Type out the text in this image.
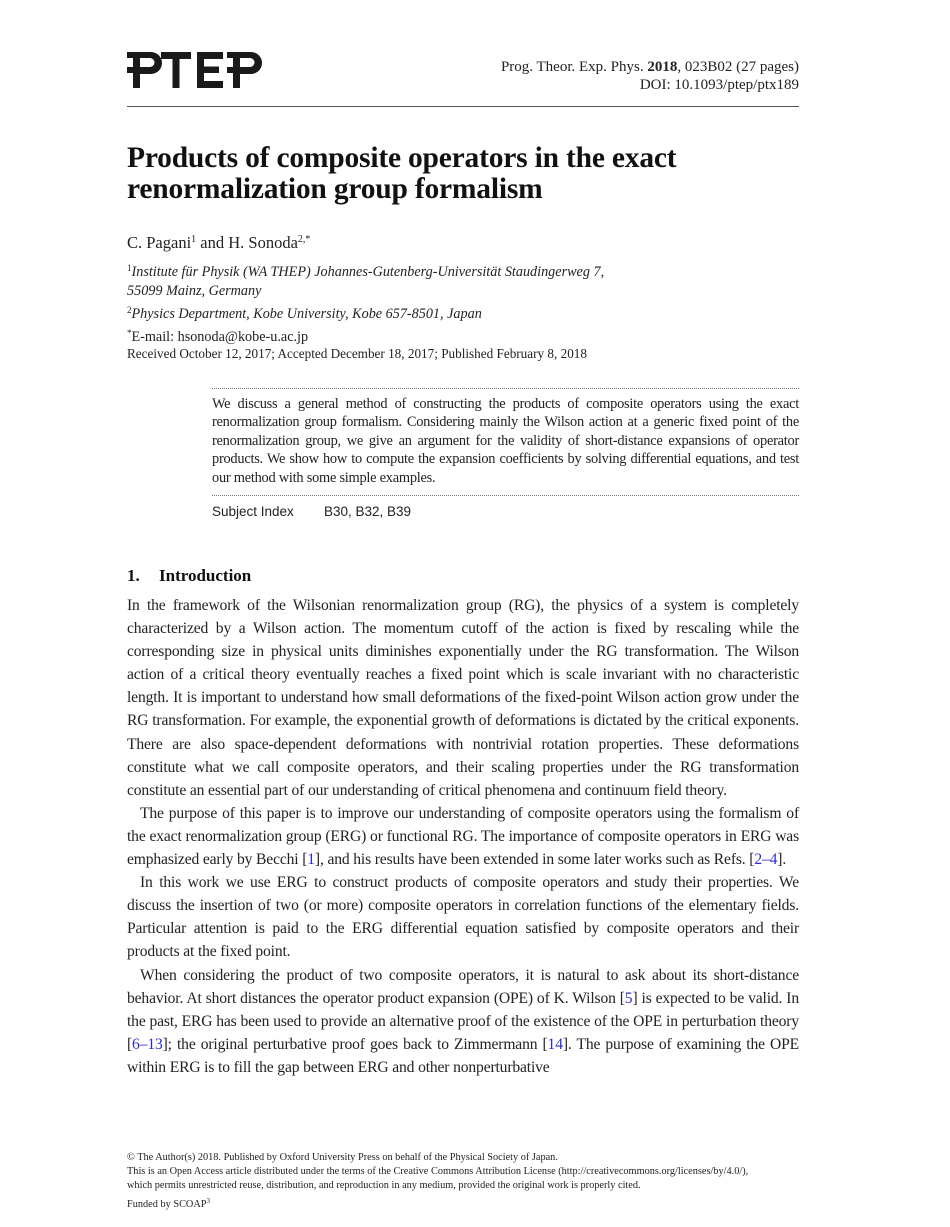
Prog. Theor. Exp. Phys. 2018, 023B02 (27 pages)
DOI: 10.1093/ptep/ptx189
Products of composite operators in the exact renormalization group formalism
C. Pagani$^1$ and H. Sonoda$^{2,*}$
$^1$Institute für Physik (WA THEP) Johannes-Gutenberg-Universität Staudingerweg 7,
55099 Mainz, Germany
$^2$Physics Department, Kobe University, Kobe 657-8501, Japan
*E-mail: hsonoda@kobe-u.ac.jp
Received October 12, 2017; Accepted December 18, 2017; Published February 8, 2018

We discuss a general method of constructing the products of composite operators using the exact renormalization group formalism. Considering mainly the Wilson action at a generic fixed point of the renormalization group, we give an argument for the validity of short-distance expansions of operator products. We show how to compute the expansion coefficients by solving differential equations, and test our method with some simple examples.

Subject Index B30, B32, B39
1. Introduction

In the framework of the Wilsonian renormalization group (RG), the physics of a system is completely characterized by a Wilson action. The momentum cutoff of the action is fixed by rescaling while the corresponding size in physical units diminishes exponentially under the RG transformation. The Wilson action of a critical theory eventually reaches a fixed point which is scale invariant with no characteristic length. It is important to understand how small deformations of the fixed-point Wilson action grow under the RG transformation. For example, the exponential growth of deformations is dictated by the critical exponents. There are also space-dependent deformations with nontrivial rotation properties. These deformations constitute what we call composite operators, and their scaling properties under the RG transformation constitute an essential part of our understanding of critical phenomena and continuum field theory.

The purpose of this paper is to improve our understanding of composite operators using the formalism of the exact renormalization group (ERG) or functional RG. The importance of composite operators in ERG was emphasized early by Becchi [1], and his results have been extended in some later works such as Refs. [2–4].

In this work we use ERG to construct products of composite operators and study their properties. We discuss the insertion of two (or more) composite operators in correlation functions of the elementary fields. Particular attention is paid to the ERG differential equation satisfied by composite operators and their products at the fixed point.

When considering the product of two composite operators, it is natural to ask about its short-distance behavior. At short distances the operator product expansion (OPE) of K. Wilson [5] is expected to be valid. In the past, ERG has been used to provide an alternative proof of the existence of the OPE in perturbation theory [6–13]; the original perturbative proof goes back to Zimmermann [14]. The purpose of examining the OPE within ERG is to fill the gap between ERG and other nonperturbative

© The Author(s) 2018. Published by Oxford University Press on behalf of the Physical Society of Japan.
This is an Open Access article distributed under the terms of the Creative Commons Attribution License (http://creativecommons.org/licenses/by/4.0/),
which permits unrestricted reuse, distribution, and reproduction in any medium, provided the original work is properly cited.
Funded by SCOAP$^3$
